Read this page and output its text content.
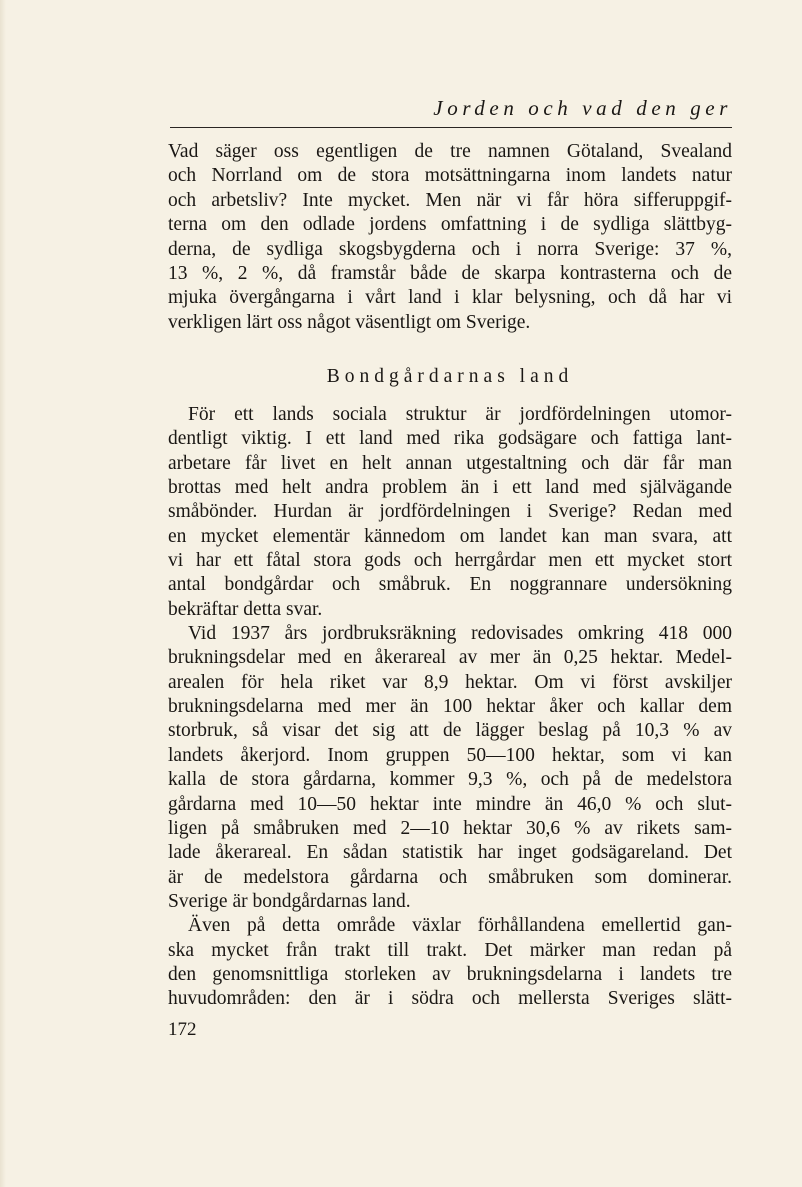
Jorden och vad den ger
Vad säger oss egentligen de tre namnen Götaland, Svealand
och Norrland om de stora motsättningarna inom landets natur
och arbetsliv? Inte mycket. Men när vi får höra sifferuppgif-
terna om den odlade jordens omfattning i de sydliga slättbyg-
derna, de sydliga skogsbygderna och i norra Sverige: 37 %,
13 %, 2 %, då framstår både de skarpa kontrasterna och de
mjuka övergångarna i vårt land i klar belysning, och då har vi
verkligen lärt oss något väsentligt om Sverige.
Bondgårdarnas land
För ett lands sociala struktur är jordfördelningen utomor-
dentligt viktig. I ett land med rika godsägare och fattiga lant-
arbetare får livet en helt annan utgestaltning och där får man
brottas med helt andra problem än i ett land med självägande
småbönder. Hurdan är jordfördelningen i Sverige? Redan med
en mycket elementär kännedom om landet kan man svara, att
vi har ett fåtal stora gods och herrgårdar men ett mycket stort
antal bondgårdar och småbruk. En noggrannare undersökning
bekräftar detta svar.
Vid 1937 års jordbruksräkning redovisades omkring 418 000
brukningsdelar med en åkerareal av mer än 0,25 hektar. Medel-
arealen för hela riket var 8,9 hektar. Om vi först avskiljer
brukningsdelarna med mer än 100 hektar åker och kallar dem
storbruk, så visar det sig att de lägger beslag på 10,3 % av
landets åkerjord. Inom gruppen 50—100 hektar, som vi kan
kalla de stora gårdarna, kommer 9,3 %, och på de medelstora
gårdarna med 10—50 hektar inte mindre än 46,0 % och slut-
ligen på småbruken med 2—10 hektar 30,6 % av rikets sam-
lade åkerareal. En sådan statistik har inget godsägareland. Det
är de medelstora gårdarna och småbruken som dominerar.
Sverige är bondgårdarnas land.
Även på detta område växlar förhållandena emellertid gan-
ska mycket från trakt till trakt. Det märker man redan på
den genomsnittliga storleken av brukningsdelarna i landets tre
huvudområden: den är i södra och mellersta Sveriges slätt-
172
